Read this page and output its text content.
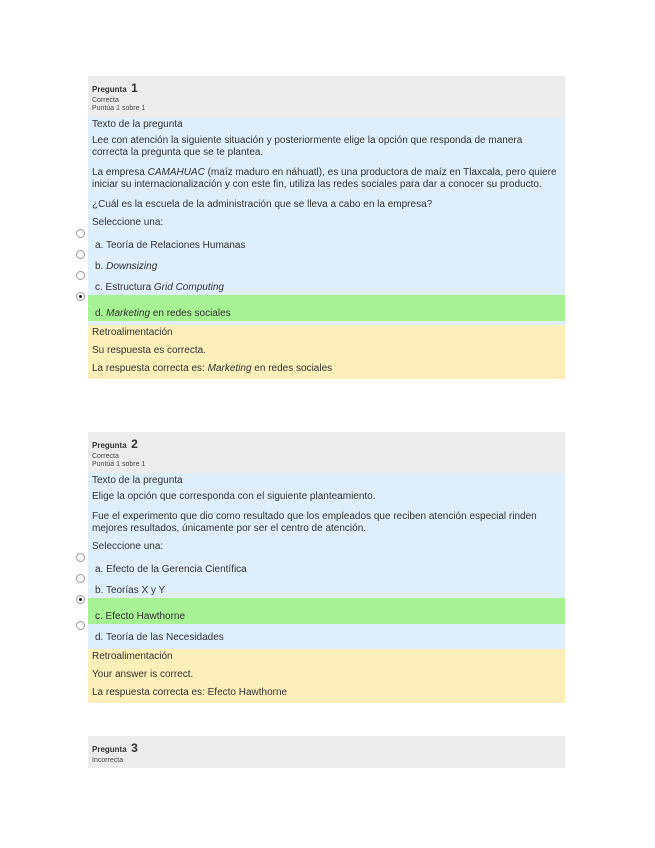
Pregunta 1
Correcta
Puntúa 1 sobre 1
Texto de la pregunta

Lee con atención la siguiente situación y posteriormente elige la opción que responda de manera correcta la pregunta que se te plantea.

La empresa CAMAHUAC (maíz maduro en náhuatl), es una productora de maíz en Tlaxcala, pero quiere iniciar su internacionalización y con este fin, utiliza las redes sociales para dar a conocer su producto.

¿Cuál es la escuela de la administración que se lleva a cabo en la empresa?

Seleccione una:
a. Teoría de Relaciones Humanas
b. Downsizing
c. Estructura Grid Computing
d. Marketing en redes sociales

Retroalimentación

Su respuesta es correcta.

La respuesta correcta es: Marketing en redes sociales

Pregunta 2
Correcta
Puntúa 1 sobre 1
Texto de la pregunta

Elige la opción que corresponda con el siguiente planteamiento.

Fue el experimento que dio como resultado que los empleados que reciben atención especial rinden mejores resultados, únicamente por ser el centro de atención.

Seleccione una:
a. Efecto de la Gerencia Científica
b. Teorías X y Y
c. Efecto Hawthorne
d. Teoría de las Necesidades

Retroalimentación

Your answer is correct.

La respuesta correcta es: Efecto Hawthorne

Pregunta 3
Incorrecta
